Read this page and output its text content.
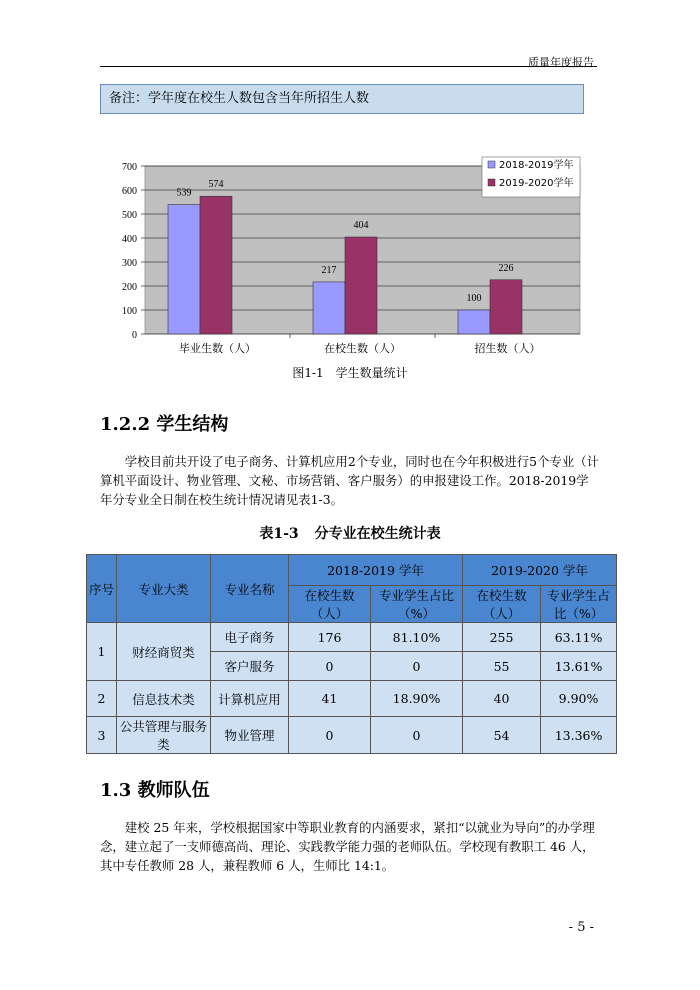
质量年度报告
备注：学年度在校生人数包含当年所招生人数
539
574
217
404
100
226
0
100
200
300
400
500
600
700
毕业生数（人）	在校生数（人）	招生数（人）
2018-2019学年
2019-2020学年
图1-1 学生数量统计
1.2.2 学生结构

学校目前共开设了电子商务、计算机应用2个专业，同时也在今年积极进行5个专业（计算机平面设计、物业管理、文秘、市场营销、客户服务）的申报建设工作。2018-2019学年分专业全日制在校生统计情况请见表1-3。

表1-3 分专业在校生统计表
序号	专业大类	专业名称	2018-2019 学年		2019-2020 学年	
			在校生数（人）	专业学生占比（%）	在校生数（人）	专业学生占比（%）
1	财经商贸类	电子商务	176	81.10%	255	63.11%
		客户服务	0	0	55	13.61%
2	信息技术类	计算机应用	41	18.90%	40	9.90%
3	公共管理与服务类	物业管理	0	0	54	13.36%
1.3 教师队伍

建校 25 年来，学校根据国家中等职业教育的内涵要求，紧扣“以就业为导向”的办学理念，建立起了一支师德高尚、理论、实践教学能力强的老师队伍。学校现有教职工 46 人，其中专任教师 28 人，兼程教师 6 人，生师比 14:1。

- 5 -
